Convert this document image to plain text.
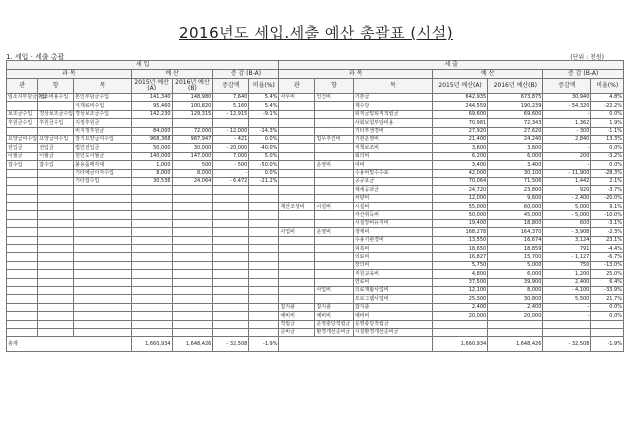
2016년도 세입.세출 예산 총괄표 (시설)
1. 세입 · 세출 총괄	(단위 : 천원)
세 입							세 출						
과 목			예 산		증 감 (B-A)		과 목			예 산		증 감 (B-A)	
관	항	목	2015년 예산(A)	2016년 예산(B)	증감액	비율(%)	관	항	목	2015년 예산(A)	2016년 예산(B)	증감액	비율(%)
임소지부담금수입	입소비용수입	본인부담금수입	141,340	148,980	7,640	5.4%	사무비	인건비	기본급	642,935	673,875	30,940	4.8%
		식재료비수입	95,460	100,820	5,160	5.4%			제수당	244,559	190,239	- 54,320	-22.2%
보조금수입	경상보조금수입	경상보조금수입	142,230	129,315	- 12,915	-9.1%			퇴직금및퇴직적립금	69,600	69,600	-	0.0%
후원금수입	후원금수입	지정후원금							사회보험부담비용	70,981	72,343	1,362	1.9%
		비지정후원금	84,000	72,000	- 12,000	-14.3%			기타후생경비	27,920	27,620	- 300	-1.1%
요양급여수입	요양급여수입	장기요양급여수입	968,368	987,947	- 421	0.0%		업무추진비	기관운영비	21,400	24,240	2,840	13.3%
전입금	전입금	법인전입금	50,000	30,000	- 20,000	-40.0%			직책보조비	3,600	3,600	-	0.0%
이월금	이월금	전년도이월금	140,000	147,000	7,000	5.0%			회의비	6,200	6,000	200	-3.2%
잡수입	잡수입	불용품매각대	1,000	500	- 500	-50.0%		운영비	여비	3,400	3,400	-	0.0%
		기타예금이자수입	8,000	8,000	-	0.0%			수용비및수수료	42,000	30,100	- 11,900	-28.3%
		기타잡수입	30,536	24,064	- 6,472	-21.2%			공공요금	70,064	71,506	1,442	2.1%
									제세공과금	24,720	23,800	920	-3.7%
									차량비	12,000	9,600	- 2,400	-20.0%
							재산조성비	시설비	시설비	55,000	60,000	5,000	9.1%
									자산취득비	50,000	45,000	- 5,000	-10.0%
									시설장비유지비	19,400	18,800	600	-3.1%
							사업비	운영비	생계비	168,278	164,370	- 3,908	-2.3%
									수용기관경비	13,550	16,674	3,124	23.1%
									피복비	18,650	18,859	791	-4.4%
									의료비	16,827	15,700	- 1,127	-6.7%
									장의비	5,750	5,000	750	-13.0%
									직원교육비	4,800	6,000	1,200	25.0%
									연료비	37,500	39,900	2,400	6.4%
								사업비	의료재활사업비	12,100	8,000	- 4,100	-33.9%
									프로그램사업비	25,300	30,800	5,500	21.7%
							잡지출	잡지출	잡지출	2,400	2,400	-	0.0%
							예비비	예비비	예비비	20,000	20,000	-	0.0%
							적립금	운영충당적립금	운영충당적립금				
							준비금	환경개선준비금	시설환경개선준비금				
총계			1,660,934	1,648,426	- 32,508	-1.9%				1,660,934	1,648,426	- 32,508	-1.9%
